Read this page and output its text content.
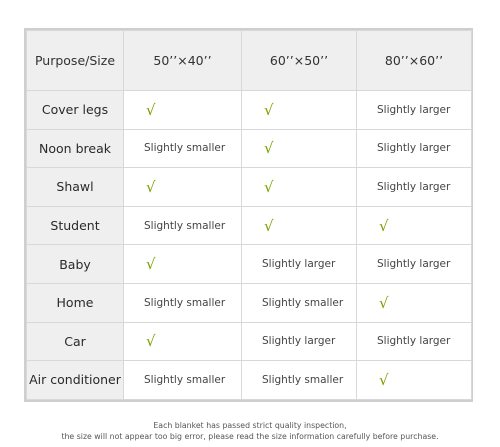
Purpose/Size	50’’×40’’	60’’×50’’	80’’×60’’
Cover legs	√	√	Slightly larger
Noon break	Slightly smaller	√	Slightly larger
Shawl	√	√	Slightly larger
Student	Slightly smaller	√	√
Baby	√	Slightly larger	Slightly larger
Home	Slightly smaller	Slightly smaller	√
Car	√	Slightly larger	Slightly larger
Air conditioner	Slightly smaller	Slightly smaller	√
Each blanket has passed strict quality inspection,
the size will not appear too big error, please read the size information carefully before purchase.
